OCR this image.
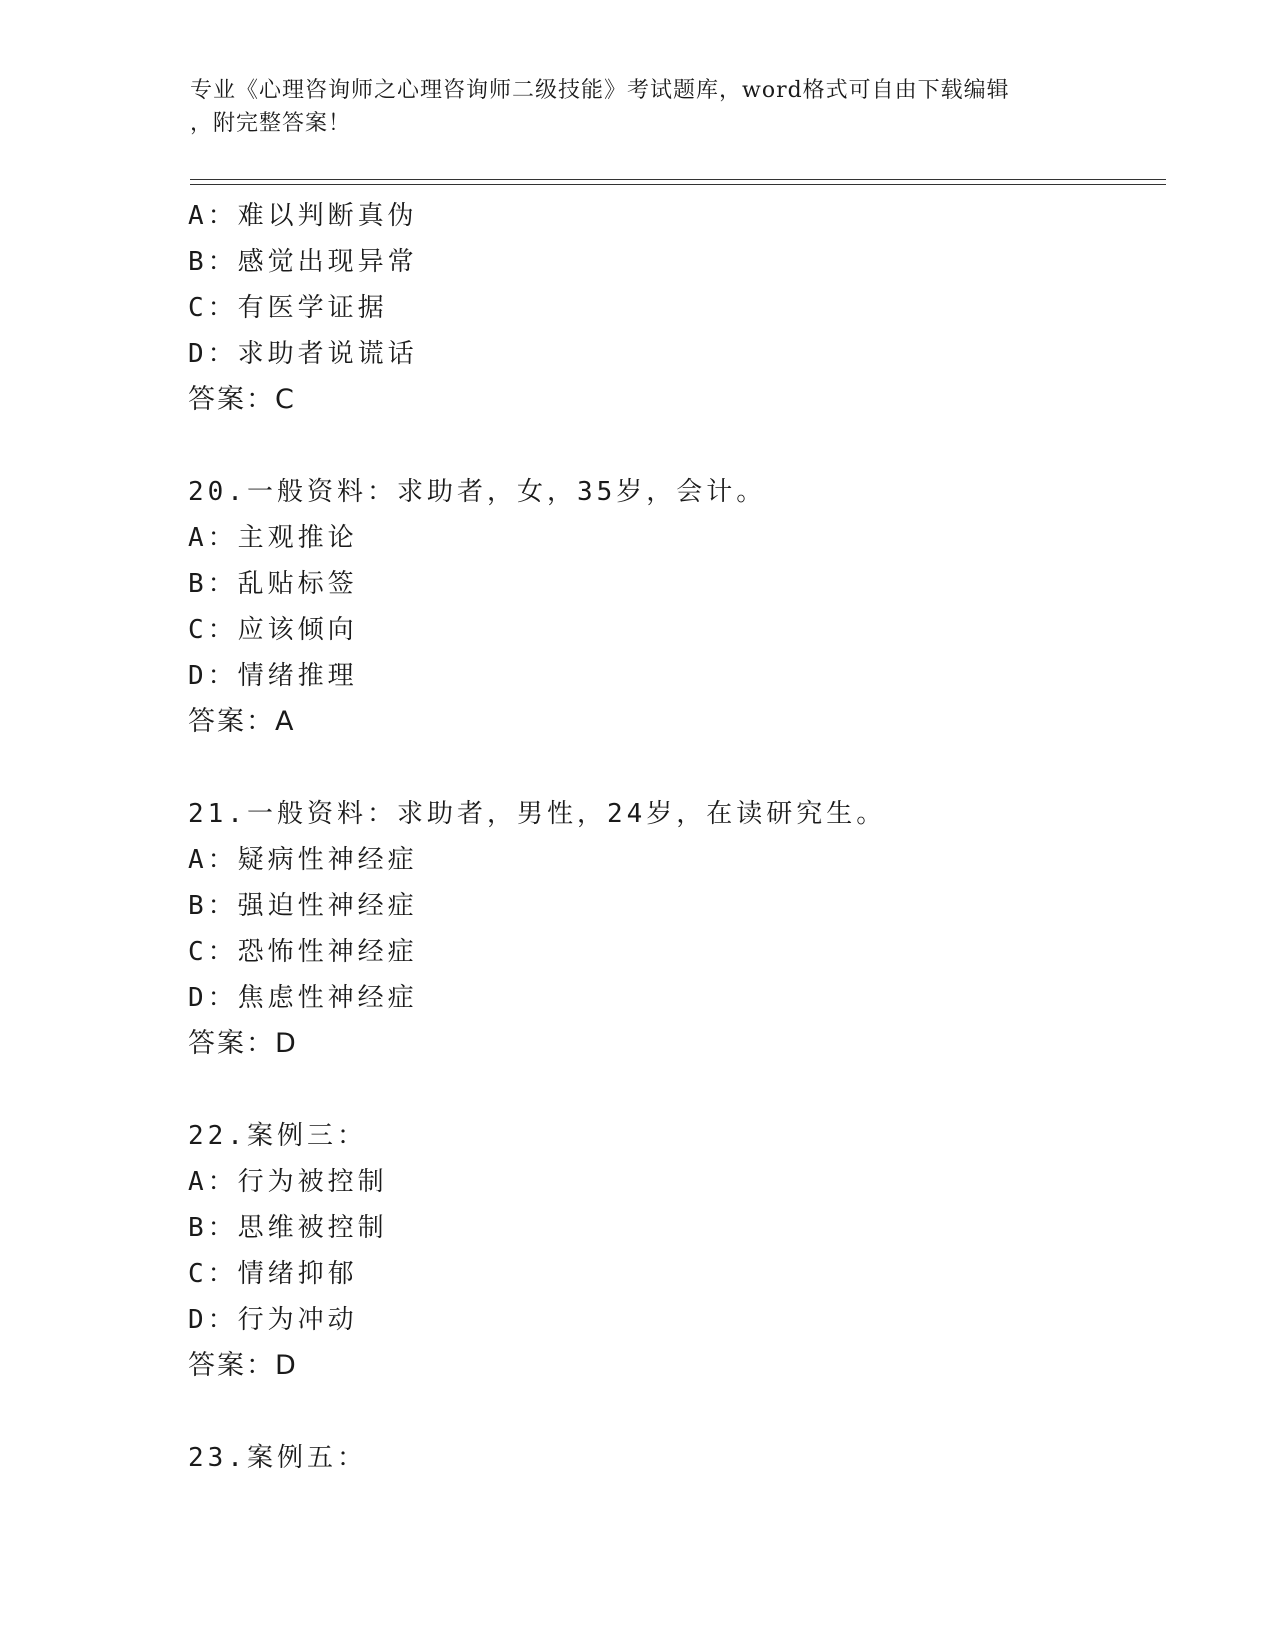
专业《心理咨询师之心理咨询师二级技能》考试题库，word格式可自由下载编辑
，附完整答案！
A：难以判断真伪
B：感觉出现异常
C：有医学证据
D：求助者说谎话
答案：C
20.一般资料：求助者，女，35岁，会计。
A：主观推论
B：乱贴标签
C：应该倾向
D：情绪推理
答案：A
21.一般资料：求助者，男性，24岁，在读研究生。
A：疑病性神经症
B：强迫性神经症
C：恐怖性神经症
D：焦虑性神经症
答案：D
22.案例三：
A：行为被控制
B：思维被控制
C：情绪抑郁
D：行为冲动
答案：D
23.案例五：
